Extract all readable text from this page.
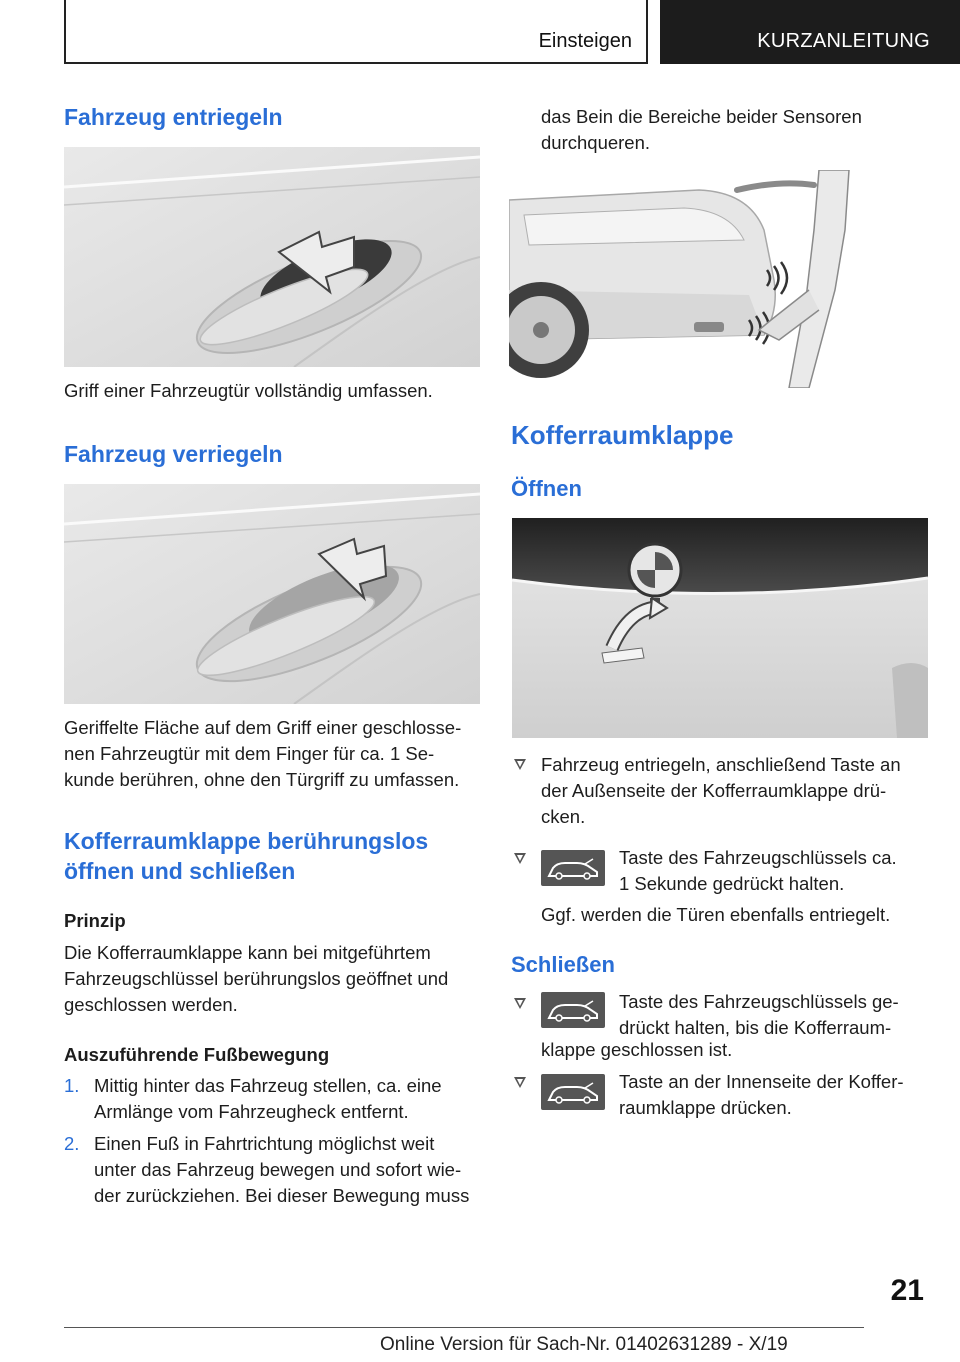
Einsteigen	KURZANLEITUNG
Fahrzeug entriegeln
Griff einer Fahrzeugtür vollständig umfassen.
Fahrzeug verriegeln
Geriffelte Fläche auf dem Griff einer geschlosse-
nen Fahrzeugtür mit dem Finger für ca. 1 Se-
kunde berühren, ohne den Türgriff zu umfassen.
Kofferraumklappe berührungslos
öffnen und schließen
Prinzip
Die Kofferraumklappe kann bei mitgeführtem
Fahrzeugschlüssel berührungslos geöffnet und
geschlossen werden.
Auszuführende Fußbewegung
1. Mittig hinter das Fahrzeug stellen, ca. eine
Armlänge vom Fahrzeugheck entfernt.
2. Einen Fuß in Fahrtrichtung möglichst weit
unter das Fahrzeug bewegen und sofort wie-
der zurückziehen. Bei dieser Bewegung muss
das Bein die Bereiche beider Sensoren
durchqueren.
Kofferraumklappe
Öffnen
Fahrzeug entriegeln, anschließend Taste an
der Außenseite der Kofferraumklappe drü-
cken.
Taste des Fahrzeugschlüssels ca.
1 Sekunde gedrückt halten.
Ggf. werden die Türen ebenfalls entriegelt.
Schließen
Taste des Fahrzeugschlüssels ge-
drückt halten, bis die Kofferraum-
klappe geschlossen ist.
Taste an der Innenseite der Koffer-
raumklappe drücken.
21
Online Version für Sach-Nr. 01402631289 - X/19
